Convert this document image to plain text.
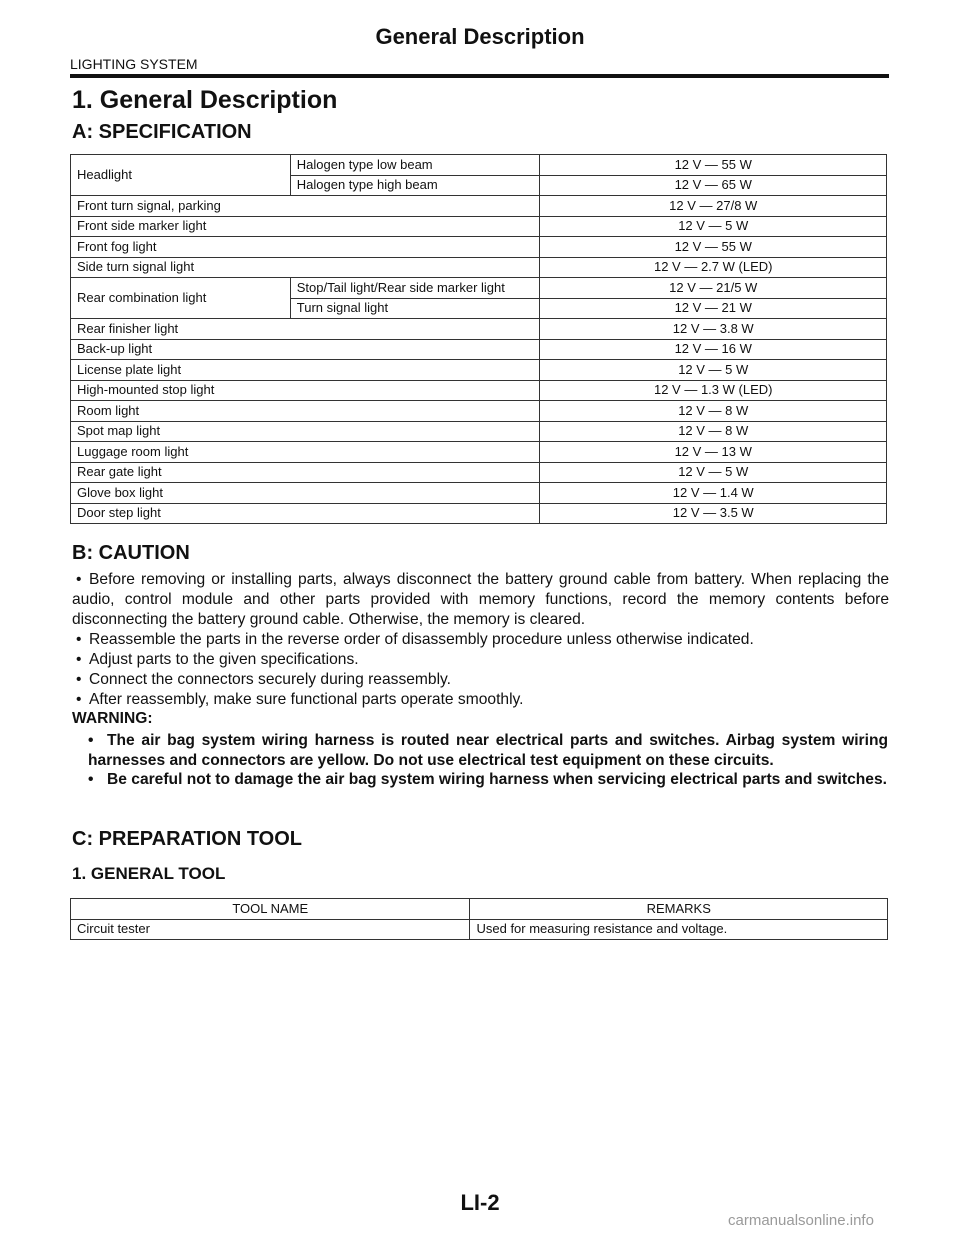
General Description
LIGHTING SYSTEM
1. General Description
A: SPECIFICATION
Headlight	Halogen type low beam	12 V — 55 W
	Halogen type high beam	12 V — 65 W
Front turn signal, parking		12 V — 27/8 W
Front side marker light		12 V — 5 W
Front fog light		12 V — 55 W
Side turn signal light		12 V — 2.7 W (LED)
Rear combination light	Stop/Tail light/Rear side marker light	12 V — 21/5 W
	Turn signal light	12 V — 21 W
Rear finisher light		12 V — 3.8 W
Back-up light		12 V — 16 W
License plate light		12 V — 5 W
High-mounted stop light		12 V — 1.3 W (LED)
Room light		12 V — 8 W
Spot map light		12 V — 8 W
Luggage room light		12 V — 13 W
Rear gate light		12 V — 5 W
Glove box light		12 V — 1.4 W
Door step light		12 V — 3.5 W
B: CAUTION

• Before removing or installing parts, always disconnect the battery ground cable from battery. When replacing the audio, control module and other parts provided with memory functions, record the memory contents before disconnecting the battery ground cable. Otherwise, the memory is cleared.

• Reassemble the parts in the reverse order of disassembly procedure unless otherwise indicated.

• Adjust parts to the given specifications.

• Connect the connectors securely during reassembly.

• After reassembly, make sure functional parts operate smoothly.

WARNING:

• The air bag system wiring harness is routed near electrical parts and switches. Airbag system wiring harnesses and connectors are yellow. Do not use electrical test equipment on these circuits.

• Be careful not to damage the air bag system wiring harness when servicing electrical parts and switches.

C: PREPARATION TOOL
1. GENERAL TOOL
TOOL NAME	REMARKS
Circuit tester	Used for measuring resistance and voltage.
LI-2
carmanualsonline.info
